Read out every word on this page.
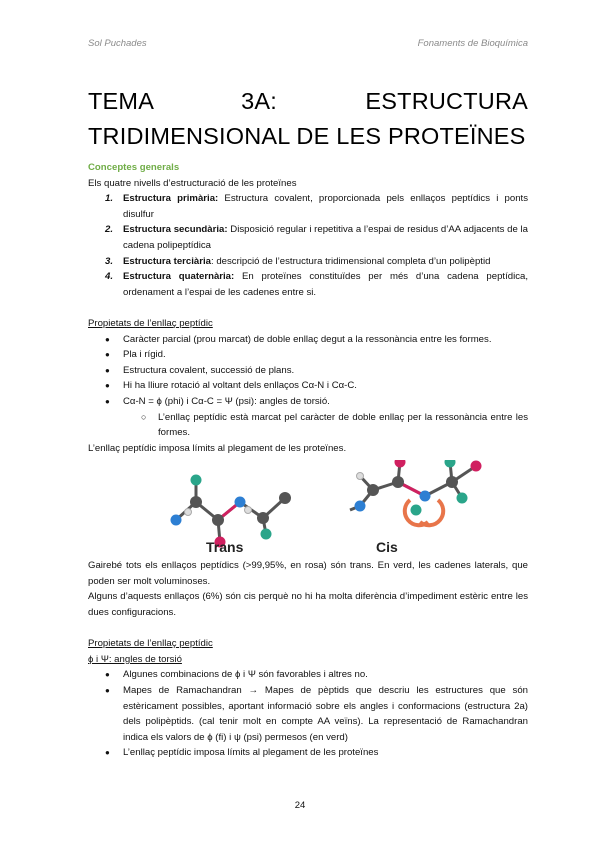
Sol Puchades	Fonaments de Bioquímica
TEMA 3A: ESTRUCTURA TRIDIMENSIONAL DE LES PROTEÏNES

Conceptes generals

Els quatre nivells d’estructuració de les proteïnes

1. Estructura primària: Estructura covalent, proporcionada pels enllaços peptídics i ponts disulfur
2. Estructura secundària: Disposició regular i repetitiva a l’espai de residus d’AA adjacents de la cadena polipeptídica
3. Estructura terciària: descripció de l’estructura tridimensional completa d’un polipèptid
4. Estructura quaternària: En proteïnes constituïdes per més d’una cadena peptídica, ordenament a l’espai de les cadenes entre si.

Propietats de l’enllaç peptídic

● Caràcter parcial (prou marcat) de doble enllaç degut a la ressonància entre les formes.
● Pla i rígid.
● Estructura covalent, successió de plans.
● Hi ha lliure rotació al voltant dels enllaços Cα-N i Cα-C.
● Cα-N = ϕ (phi) i Cα-C = Ψ (psi): angles de torsió.
○ L’enllaç peptídic està marcat pel caràcter de doble enllaç per la ressonància entre les formes.

L’enllaç peptídic imposa límits al plegament de les proteïnes.

Trans	Cis

Gairebé tots els enllaços peptídics (>99,95%, en rosa) són trans. En verd, les cadenes laterals, que poden ser molt voluminoses.

Alguns d’aquests enllaços (6%) són cis perquè no hi ha molta diferència d’impediment estèric entre les dues configuracions.

Propietats de l’enllaç peptídic

ϕ i Ψ: angles de torsió

● Algunes combinacions de ϕ i Ψ són favorables i altres no.
● Mapes de Ramachandran → Mapes de pèptids que descriu les estructures que són estèricament possibles, aportant informació sobre els angles i conformacions (estructura 2a) dels polipèptids. (cal tenir molt en compte AA veïns). La representació de Ramachandran indica els valors de ϕ (fi) i ψ (psi) permesos (en verd)
● L’enllaç peptídic imposa límits al plegament de les proteïnes
24
